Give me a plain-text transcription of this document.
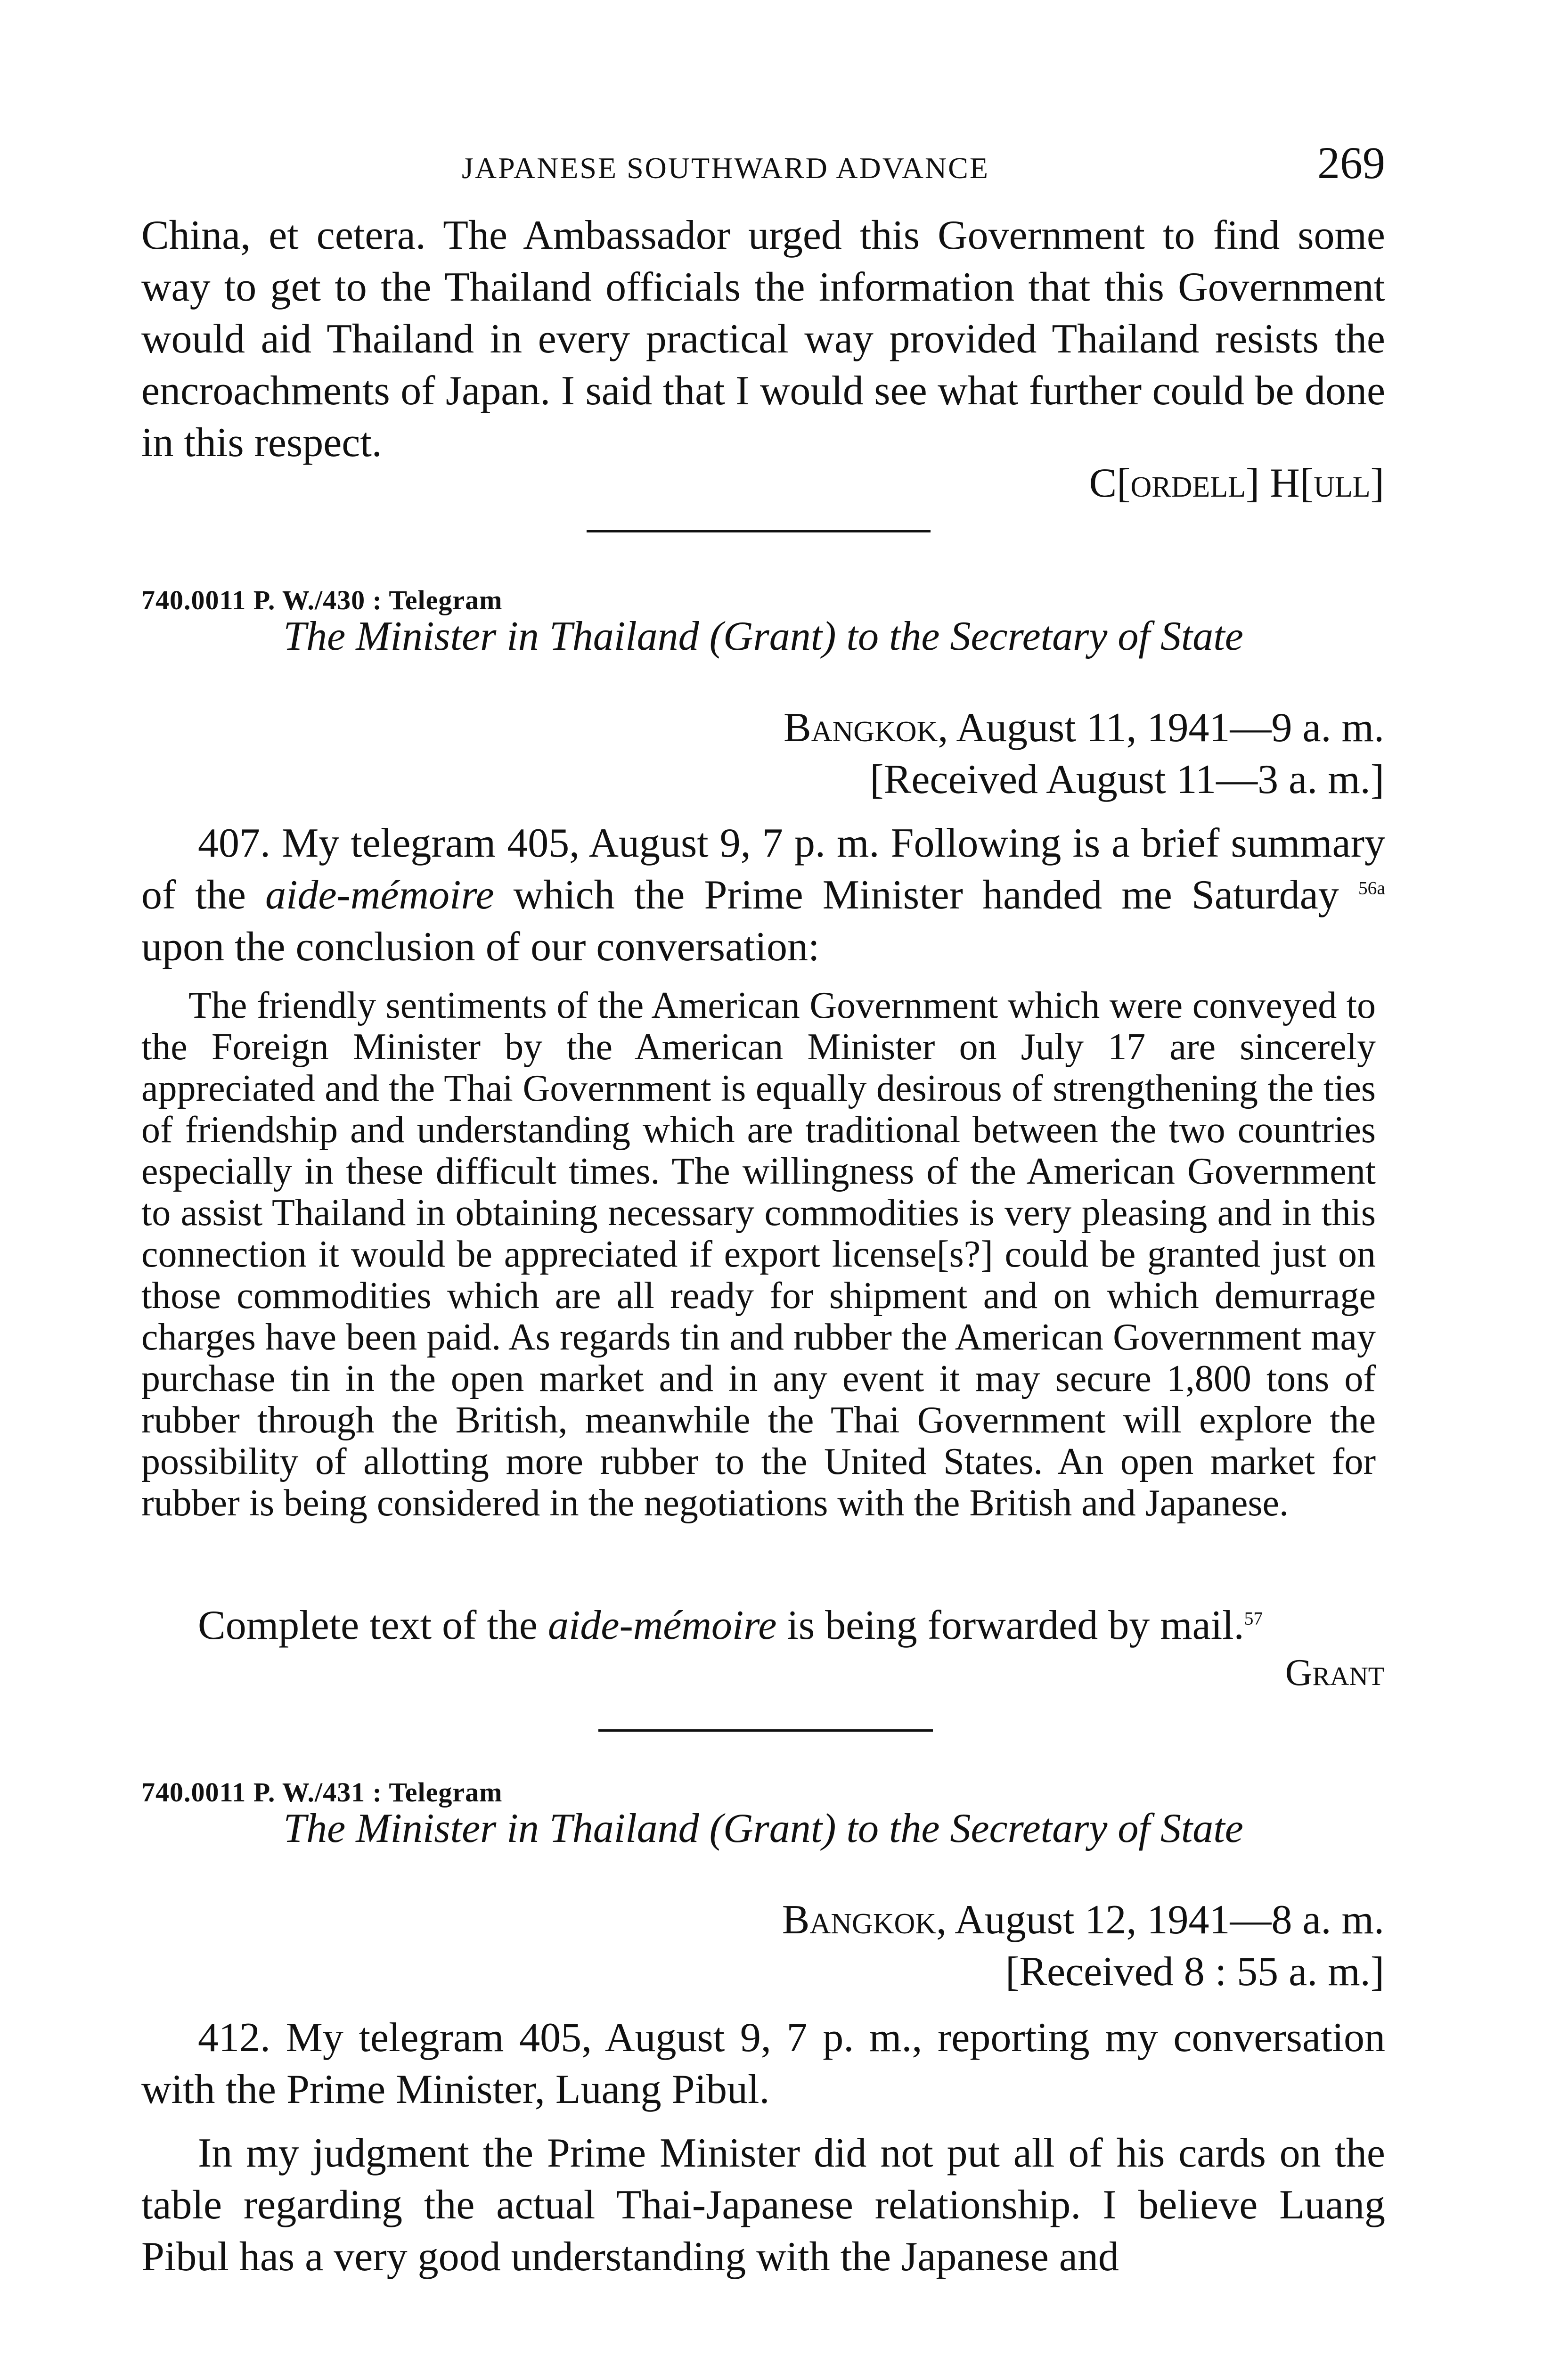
JAPANESE SOUTHWARD ADVANCE	269
China, et cetera. The Ambassador urged this Government to find some way to get to the Thailand officials the information that this Government would aid Thailand in every practical way provided Thailand resists the encroachments of Japan. I said that I would see what further could be done in this respect.
C[ordell] H[ull]
740.0011 P. W./430 : Telegram
The Minister in Thailand (Grant) to the Secretary of State
Bangkok, August 11, 1941—9 a. m.
[Received August 11—3 a. m.]
407. My telegram 405, August 9, 7 p. m. Following is a brief summary of the aide-mémoire which the Prime Minister handed me Saturday $^{56a}$ upon the conclusion of our conversation:
The friendly sentiments of the American Government which were conveyed to the Foreign Minister by the American Minister on July 17 are sincerely appreciated and the Thai Government is equally desirous of strengthening the ties of friendship and understanding which are traditional between the two countries especially in these difficult times. The willingness of the American Government to assist Thailand in obtaining necessary commodities is very pleasing and in this connection it would be appreciated if export license[s?] could be granted just on those commodities which are all ready for shipment and on which demurrage charges have been paid. As regards tin and rubber the American Government may purchase tin in the open market and in any event it may secure 1,800 tons of rubber through the British, meanwhile the Thai Government will explore the possibility of allotting more rubber to the United States. An open market for rubber is being considered in the negotiations with the British and Japanese.
Complete text of the aide-mémoire is being forwarded by mail.$^{57}$
Grant
740.0011 P. W./431 : Telegram
The Minister in Thailand (Grant) to the Secretary of State
Bangkok, August 12, 1941—8 a. m.
[Received 8 : 55 a. m.]
412. My telegram 405, August 9, 7 p. m., reporting my conversation with the Prime Minister, Luang Pibul.
In my judgment the Prime Minister did not put all of his cards on the table regarding the actual Thai-Japanese relationship. I believe Luang Pibul has a very good understanding with the Japanese and
